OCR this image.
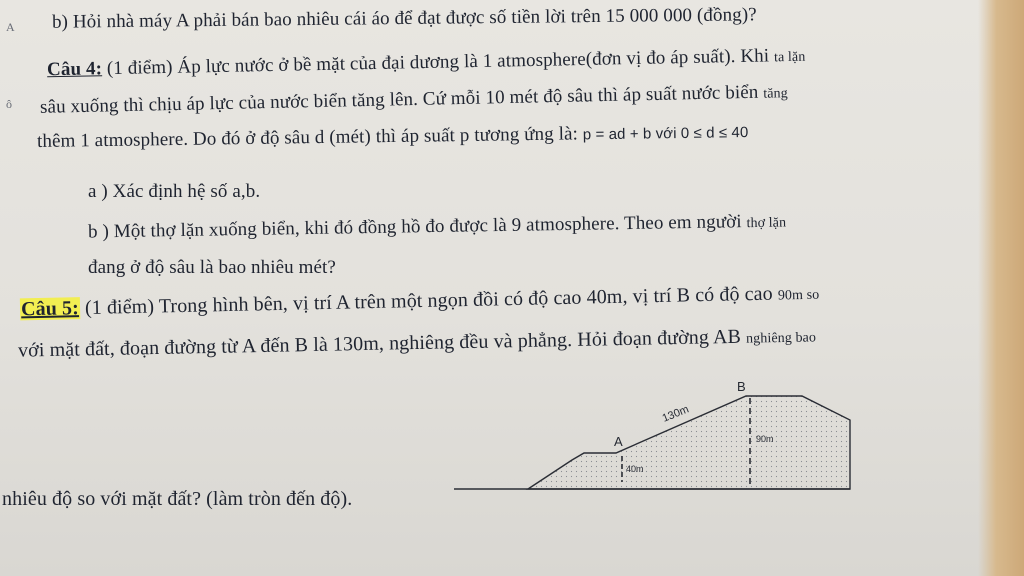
A
ô
b) Hỏi nhà máy A phải bán bao nhiêu cái áo để đạt được số tiền lời trên 15 000 000 (đồng)?
Câu 4: (1 điểm) Áp lực nước ở bề mặt của đại dương là 1 atmosphere(đơn vị đo áp suất). Khi ta lặn
sâu xuống thì chịu áp lực của nước biển tăng lên. Cứ mỗi 10 mét độ sâu thì áp suất nước biển tăng
thêm 1 atmosphere. Do đó ở độ sâu d (mét) thì áp suất p tương ứng là: p = ad + b với 0 ≤ d ≤ 40
a ) Xác định hệ số a,b.
b ) Một thợ lặn xuống biển, khi đó đồng hồ đo được là 9 atmosphere. Theo em người thợ lặn
đang ở độ sâu là bao nhiêu mét?
Câu 5: (1 điểm) Trong hình bên, vị trí A trên một ngọn đồi có độ cao 40m, vị trí B có độ cao 90m so
với mặt đất, đoạn đường từ A đến B là 130m, nghiêng đều và phẳng. Hỏi đoạn đường AB nghiêng bao
nhiêu độ so với mặt đất? (làm tròn đến độ).
A
B
130m
40m
90m
